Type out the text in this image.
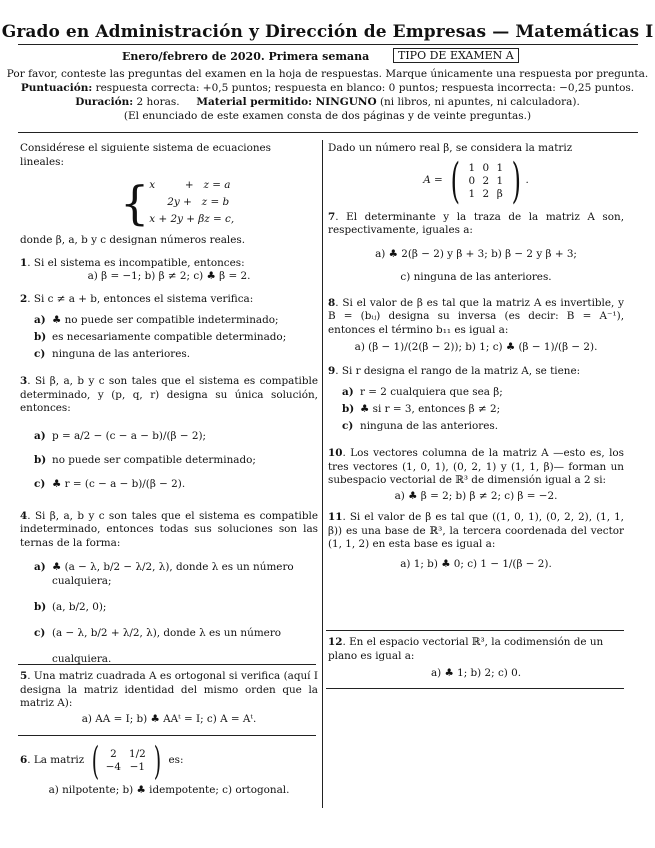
Grado en Administración y Dirección de Empresas — Matemáticas I
Enero/febrero de 2020. Primera semana	TIPO DE EXAMEN A
Por favor, conteste las preguntas del examen en la hoja de respuestas. Marque únicamente una respuesta por pregunta.
Puntuación: respuesta correcta: +0,5 puntos; respuesta en blanco: 0 puntos; respuesta incorrecta: −0,25 puntos.
Duración: 2 horas. Material permitido: NINGUNO (ni libros, ni apuntes, ni calculadora).
(El enunciado de este examen consta de dos páginas y de veinte preguntas.)

Considérese el siguiente sistema de ecuaciones lineales:

{ x         +   z = a
2y +   z = b
x + 2y + βz = c,

donde β, a, b y c designan números reales.

1. Si el sistema es incompatible, entonces:

a) β = −1; b) β ≠ 2; c) ♣ β = 2.

2. Si c ≠ a + b, entonces el sistema verifica:

a) ♣ no puede ser compatible indeterminado;

b) es necesariamente compatible determinado;

c) ninguna de las anteriores.

3. Si β, a, b y c son tales que el sistema es compatible determinado, y (p, q, r) designa su única solución, entonces:

a) p = a/2 − (c − a − b)/(β − 2);

b) no puede ser compatible determinado;

c) ♣ r = (c − a − b)/(β − 2).

4. Si β, a, b y c son tales que el sistema es compatible indeterminado, entonces todas sus soluciones son las ternas de la forma:

a) ♣ (a − λ, b/2 − λ/2, λ), donde λ es un número cualquiera;

b) (a, b/2, 0);

c) (a − λ, b/2 + λ/2, λ), donde λ es un número cualquiera.

5. Una matriz cuadrada A es ortogonal si verifica (aquí I designa la matriz identidad del mismo orden que la matriz A):

a) AA = I; b) ♣ AAᵗ = I; c) A = Aᵗ.

6 . La matriz
(	2	1/2
−4 −1 )
es:

a) nilpotente; b) ♣ idempotente; c) ortogonal.

Dado un número real β, se considera la matriz

A =
( 1 0 1
0 2 1
1 2 β ) .

7. El determinante y la traza de la matriz A son, respectivamente, iguales a:

a) ♣ 2(β − 2) y β + 3; b) β − 2 y β + 3;

c) ninguna de las anteriores.

8. Si el valor de β es tal que la matriz A es invertible, y B = (bᵢⱼ) designa su inversa (es decir: B = A⁻¹), entonces el término b₁₁ es igual a:

a) (β − 1)/(2(β − 2)); b) 1; c) ♣ (β − 1)/(β − 2).

9. Si r designa el rango de la matriz A, se tiene:

a) r = 2 cualquiera que sea β;

b) ♣ si r = 3, entonces β ≠ 2;

c) ninguna de las anteriores.

10. Los vectores columna de la matriz A —esto es, los tres vectores (1, 0, 1), (0, 2, 1) y (1, 1, β)— forman un subespacio vectorial de ℝ³ de dimensión igual a 2 si:

a) ♣ β = 2; b) β ≠ 2; c) β = −2.

11. Si el valor de β es tal que ((1, 0, 1), (0, 2, 2), (1, 1, β)) es una base de ℝ³, la tercera coordenada del vector (1, 1, 2) en esta base es igual a:

a) 1; b) ♣ 0; c) 1 − 1/(β − 2).

12. En el espacio vectorial ℝ³, la codimensión de un plano es igual a:

a) ♣ 1; b) 2; c) 0.
